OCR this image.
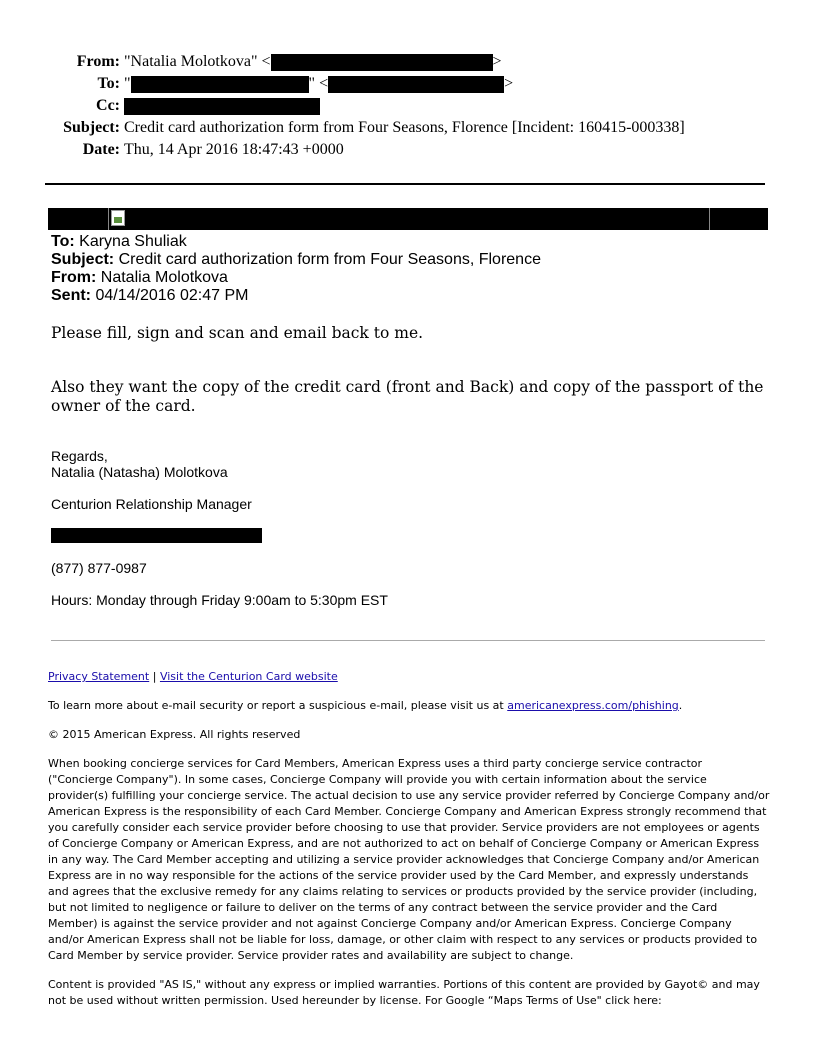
From: "Natalia Molotkova" <	>
To: "	" <	>
Cc:
Subject: Credit card authorization form from Four Seasons, Florence [Incident: 160415-000338]
Date: Thu, 14 Apr 2016 18:47:43 +0000
To: Karyna Shuliak
Subject: Credit card authorization form from Four Seasons, Florence
From: Natalia Molotkova
Sent: 04/14/2016 02:47 PM
Please fill, sign and scan and email back to me.
Also they want the copy of the credit card (front and Back) and copy of the passport of the owner of the card.
Regards,
Natalia (Natasha) Molotkova
Centurion Relationship Manager
(877) 877-0987
Hours: Monday through Friday 9:00am to 5:30pm EST
Privacy Statement | Visit the Centurion Card website
To learn more about e-mail security or report a suspicious e-mail, please visit us at americanexpress.com/phishing.
© 2015 American Express. All rights reserved
When booking concierge services for Card Members, American Express uses a third party concierge service contractor ("Concierge Company"). In some cases, Concierge Company will provide you with certain information about the service provider(s) fulfilling your concierge service. The actual decision to use any service provider referred by Concierge Company and/or American Express is the responsibility of each Card Member. Concierge Company and American Express strongly recommend that you carefully consider each service provider before choosing to use that provider. Service providers are not employees or agents of Concierge Company or American Express, and are not authorized to act on behalf of Concierge Company or American Express in any way. The Card Member accepting and utilizing a service provider acknowledges that Concierge Company and/or American Express are in no way responsible for the actions of the service provider used by the Card Member, and expressly understands and agrees that the exclusive remedy for any claims relating to services or products provided by the service provider (including, but not limited to negligence or failure to deliver on the terms of any contract between the service provider and the Card Member) is against the service provider and not against Concierge Company and/or American Express. Concierge Company and/or American Express shall not be liable for loss, damage, or other claim with respect to any services or products provided to Card Member by service provider. Service provider rates and availability are subject to change.
Content is provided "AS IS," without any express or implied warranties. Portions of this content are provided by Gayot© and may not be used without written permission. Used hereunder by license. For Google “Maps Terms of Use" click here:
